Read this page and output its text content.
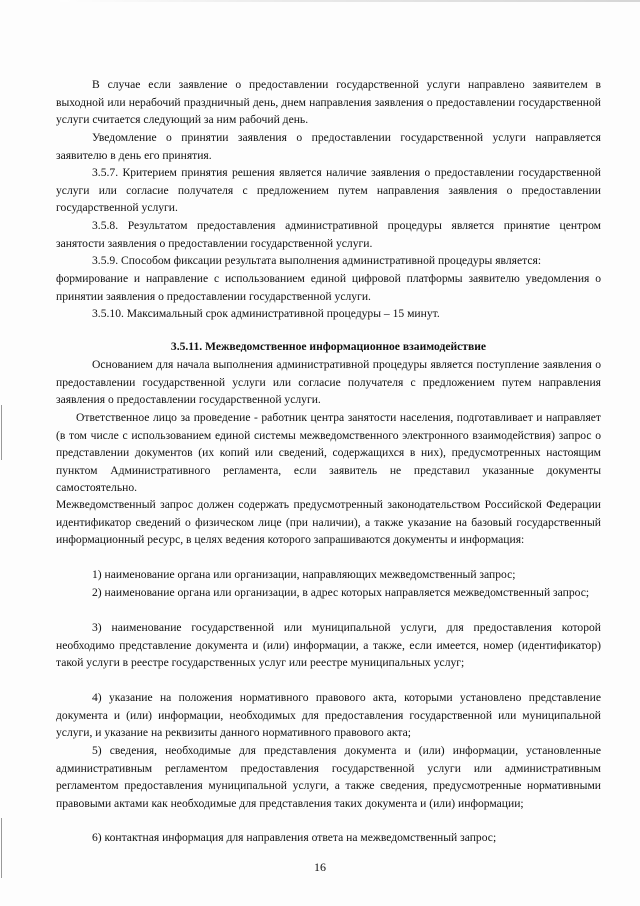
В случае если заявление о предоставлении государственной услуги направлено заявителем в выходной или нерабочий праздничный день, днем направления заявления о предоставлении государственной услуги считается следующий за ним рабочий день.

Уведомление о принятии заявления о предоставлении государственной услуги направляется заявителю в день его принятия.

3.5.7. Критерием принятия решения является наличие заявления о предоставлении государственной услуги или согласие получателя с предложением путем направления заявления о предоставлении государственной услуги.

3.5.8. Результатом предоставления административной процедуры является принятие центром занятости заявления о предоставлении государственной услуги.

3.5.9. Способом фиксации результата выполнения административной процедуры является:

формирование и направление с использованием единой цифровой платформы заявителю уведомления о принятии заявления о предоставлении государственной услуги.

3.5.10. Максимальный срок административной процедуры – 15 минут.

3.5.11. Межведомственное информационное взаимодействие

Основанием для начала выполнения административной процедуры является поступление заявления о предоставлении государственной услуги или согласие получателя с предложением путем направления заявления о предоставлении государственной услуги.

Ответственное лицо за проведение - работник центра занятости населения, подготавливает и направляет (в том числе с использованием единой системы межведомственного электронного взаимодействия) запрос о представлении документов (их копий или сведений, содержащихся в них), предусмотренных настоящим пунктом Административного регламента, если заявитель не представил указанные документы самостоятельно.

Межведомственный запрос должен содержать предусмотренный законодательством Российской Федерации идентификатор сведений о физическом лице (при наличии), а также указание на базовый государственный информационный ресурс, в целях ведения которого запрашиваются документы и информация:

1) наименование органа или организации, направляющих межведомственный запрос;

2) наименование органа или организации, в адрес которых направляется межведомственный запрос;

3) наименование государственной или муниципальной услуги, для предоставления которой необходимо представление документа и (или) информации, а также, если имеется, номер (идентификатор) такой услуги в реестре государственных услуг или реестре муниципальных услуг;

4) указание на положения нормативного правового акта, которыми установлено представление документа и (или) информации, необходимых для предоставления государственной или муниципальной услуги, и указание на реквизиты данного нормативного правового акта;

5) сведения, необходимые для представления документа и (или) информации, установленные административным регламентом предоставления государственной услуги или административным регламентом предоставления муниципальной услуги, а также сведения, предусмотренные нормативными правовыми актами как необходимые для представления таких документа и (или) информации;

6) контактная информация для направления ответа на межведомственный запрос;

16
